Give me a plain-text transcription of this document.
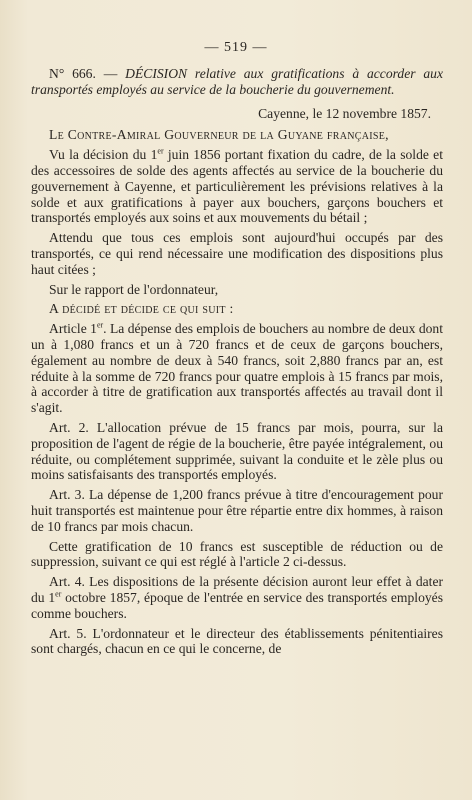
— 519 —

N° 666. — DÉCISION relative aux gratifications à accorder aux transportés employés au service de la boucherie du gouvernement.

Cayenne, le 12 novembre 1857.

Le Contre-Amiral Gouverneur de la Guyane française,

Vu la décision du 1er juin 1856 portant fixation du cadre, de la solde et des accessoires de solde des agents affectés au service de la boucherie du gouvernement à Cayenne, et particulièrement les prévisions relatives à la solde et aux gratifications à payer aux bouchers, garçons bouchers et transportés employés aux soins et aux mouvements du bétail ;

Attendu que tous ces emplois sont aujourd'hui occupés par des transportés, ce qui rend nécessaire une modification des dispositions plus haut citées ;

Sur le rapport de l'ordonnateur,

A décidé et décide ce qui suit :

Article 1er. La dépense des emplois de bouchers au nombre de deux dont un à 1,080 francs et un à 720 francs et de ceux de garçons bouchers, également au nombre de deux à 540 francs, soit 2,880 francs par an, est réduite à la somme de 720 francs pour quatre emplois à 15 francs par mois, à accorder à titre de gratification aux transportés affectés au travail dont il s'agit.

Art. 2. L'allocation prévue de 15 francs par mois, pourra, sur la proposition de l'agent de régie de la boucherie, être payée intégralement, ou réduite, ou complétement supprimée, suivant la conduite et le zèle plus ou moins satisfaisants des transportés employés.

Art. 3. La dépense de 1,200 francs prévue à titre d'encouragement pour huit transportés est maintenue pour être répartie entre dix hommes, à raison de 10 francs par mois chacun.

Cette gratification de 10 francs est susceptible de réduction ou de suppression, suivant ce qui est réglé à l'article 2 ci-dessus.

Art. 4. Les dispositions de la présente décision auront leur effet à dater du 1er octobre 1857, époque de l'entrée en service des transportés employés comme bouchers.

Art. 5. L'ordonnateur et le directeur des établissements pénitentiaires sont chargés, chacun en ce qui le concerne, de
